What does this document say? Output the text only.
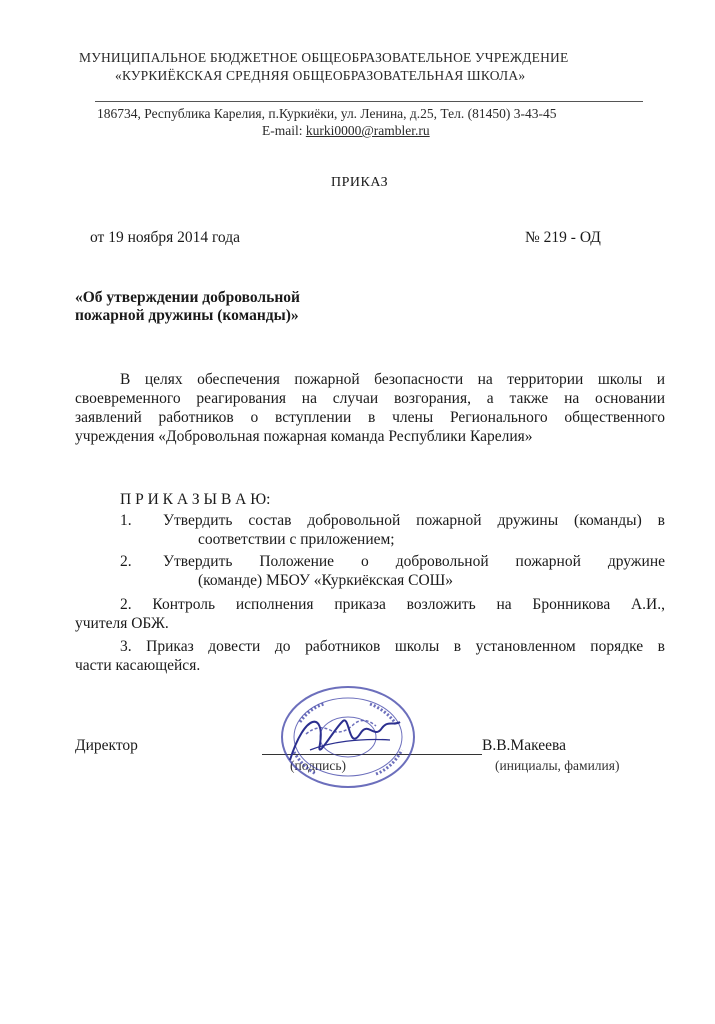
МУНИЦИПАЛЬНОЕ БЮДЖЕТНОЕ ОБЩЕОБРАЗОВАТЕЛЬНОЕ УЧРЕЖДЕНИЕ
«КУРКИЁКСКАЯ СРЕДНЯЯ ОБЩЕОБРАЗОВАТЕЛЬНАЯ ШКОЛА»
186734, Республика Карелия, п.Куркиёки, ул. Ленина, д.25, Тел. (81450) 3-43-45
E-mail: kurki0000@rambler.ru
ПРИКАЗ
от 19 ноября 2014 года	№ 219 - ОД
«Об утверждении добровольной
пожарной дружины (команды)»
В целях обеспечения пожарной безопасности на территории школы и
своевременного реагирования на случаи возгорания, а также на основании
заявлений работников о вступлении в члены Регионального общественного
учреждения «Добровольная пожарная команда Республики Карелия»
П Р И К А З Ы В А Ю:
1. Утвердить состав добровольной пожарной дружины (команды) в
соответствии с приложением;
2. Утвердить Положение о добровольной пожарной дружине
(команде) МБОУ «Куркиёкская СОШ»
2. Контроль исполнения приказа возложить на Бронникова А.И.,
учителя ОБЖ.
3. Приказ довести до работников школы в установленном порядке в
части касающейся.
Директор
(подпись)
В.В.Макеева
(инициалы, фамилия)
